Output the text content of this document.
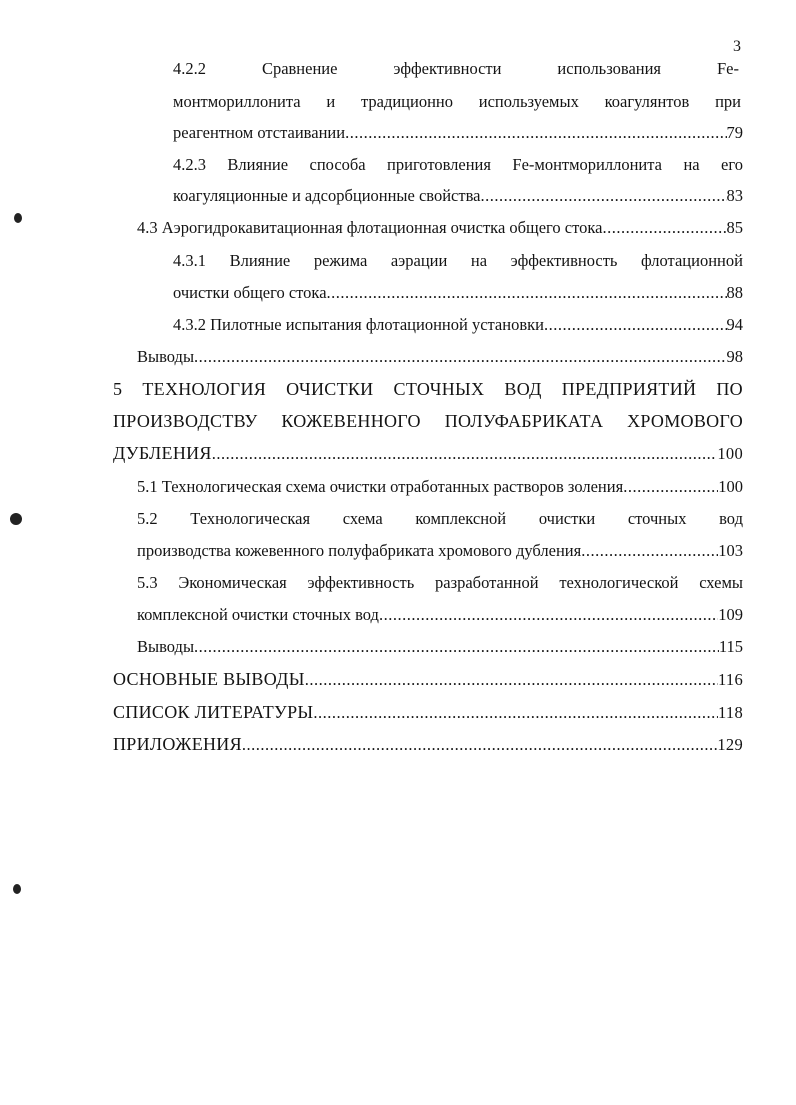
3
4.2.2	Сравнение	эффективности	использования	Fe-
монтмориллонита и традиционно используемых коагулянтов при
реагентном отстаивании .....	79
4.2.3 Влияние способа приготовления Fe-монтмориллонита на его
коагуляционные и адсорбционные свойства .....	83
4.3 Аэрогидрокавитационная флотационная очистка общего стока .....	85
4.3.1 Влияние режима аэрации на эффективность флотационной
очистки общего стока .....	88
4.3.2 Пилотные испытания флотационной установки .....	94
Выводы .....	98
5 ТЕХНОЛОГИЯ ОЧИСТКИ СТОЧНЫХ ВОД ПРЕДПРИЯТИЙ ПО
ПРОИЗВОДСТВУ КОЖЕВЕННОГО ПОЛУФАБРИКАТА ХРОМОВОГО
ДУБЛЕНИЯ .....	100
5.1 Технологическая схема очистки отработанных растворов золения .....	100
5.2 Технологическая схема комплексной очистки сточных вод
производства кожевенного полуфабриката хромового дубления .....	103
5.3 Экономическая эффективность разработанной технологической схемы
комплексной очистки сточных вод .....	109
Выводы .....	115
ОСНОВНЫЕ ВЫВОДЫ .....	116
СПИСОК ЛИТЕРАТУРЫ .....	118
ПРИЛОЖЕНИЯ .....	129
